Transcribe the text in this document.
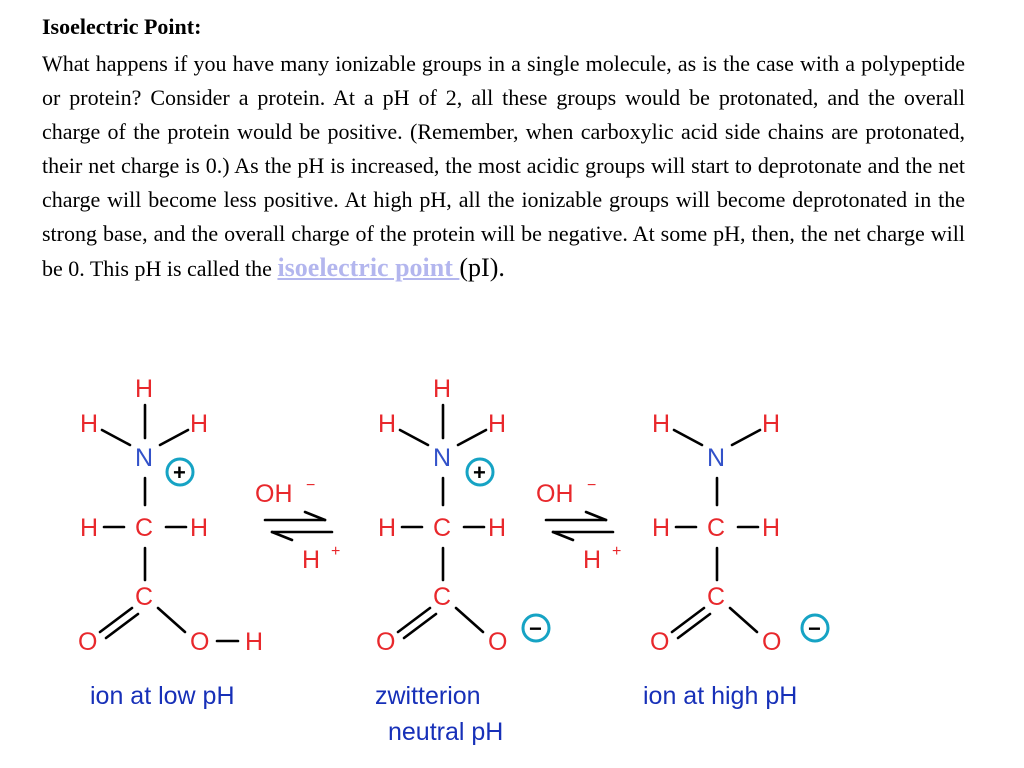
Isoelectric Point:
What happens if you have many ionizable groups in a single molecule, as is the case with a polypeptide or protein? Consider a protein. At a pH of 2, all these groups would be protonated, and the overall charge of the protein would be positive. (Remember, when carboxylic acid side chains are protonated, their net charge is 0.) As the pH is increased, the most acidic groups will start to deprotonate and the net charge will become less positive. At high pH, all the ionizable groups will become deprotonated in the strong base, and the overall charge of the protein will be negative. At some pH, then, the net charge will be 0. This pH is called the isoelectric point (pI).
H
H	H
N
+
H C H
C
O	O H
OH −
H +
H
H	H
N
+
H C H
C
O	O −
OH −
H +
H	H
N
H C H
C
O	O −
ion at low pH	zwitterion
neutral pH
ion at high pH
